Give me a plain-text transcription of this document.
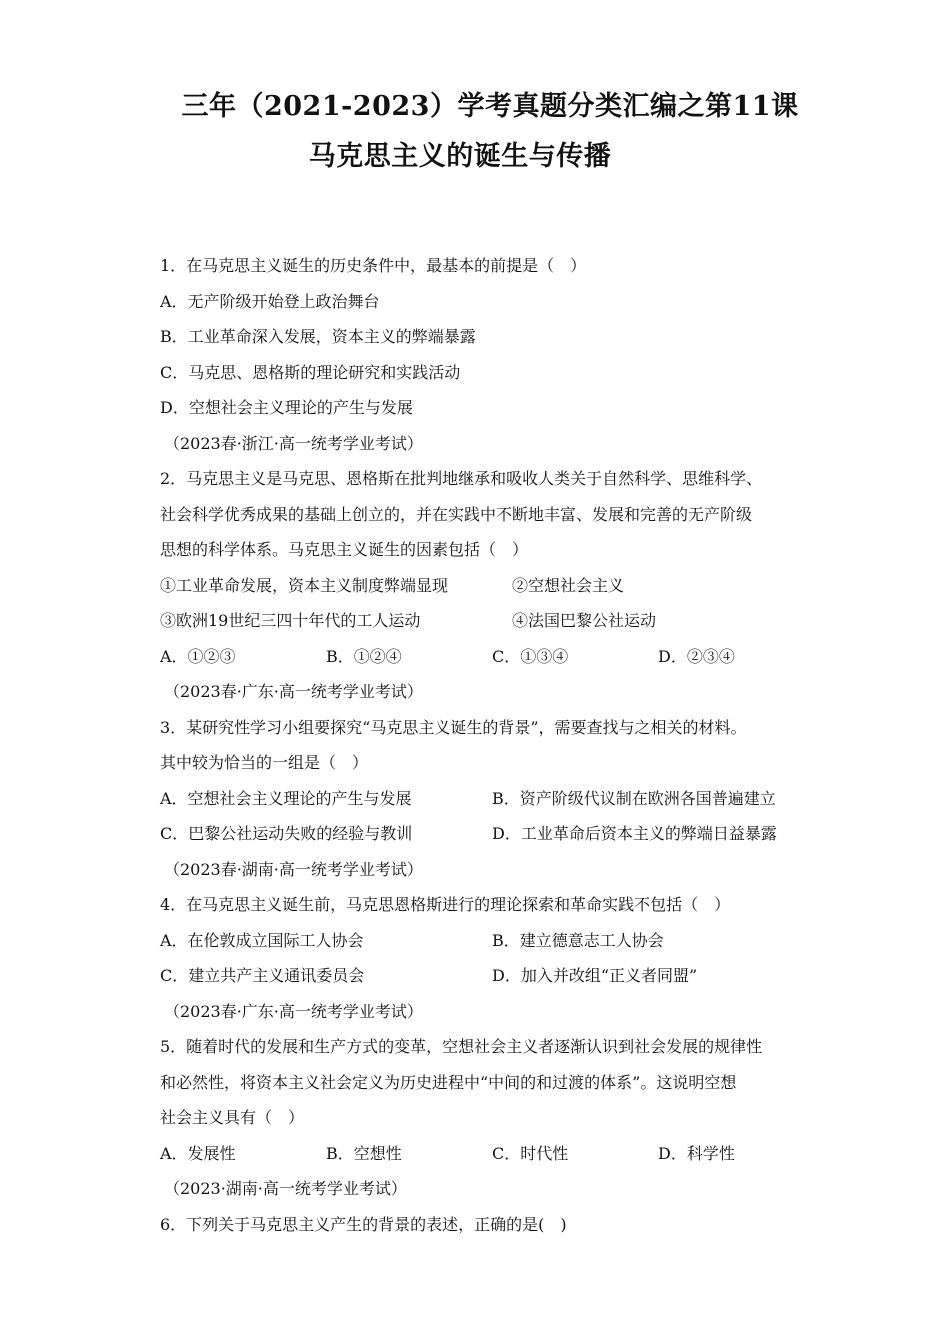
三年（2021-2023）学考真题分类汇编之第11课
马克思主义的诞生与传播
1．在马克思主义诞生的历史条件中，最基本的前提是（　）
A．无产阶级开始登上政治舞台
B．工业革命深入发展，资本主义的弊端暴露
C．马克思、恩格斯的理论研究和实践活动
D．空想社会主义理论的产生与发展
（2023春·浙江·高一统考学业考试）
2．马克思主义是马克思、恩格斯在批判地继承和吸收人类关于自然科学、思维科学、
社会科学优秀成果的基础上创立的，并在实践中不断地丰富、发展和完善的无产阶级
思想的科学体系。马克思主义诞生的因素包括（　）
①工业革命发展，资本主义制度弊端显现	②空想社会主义
③欧洲19世纪三四十年代的工人运动	④法国巴黎公社运动
A．①②③	B．①②④	C．①③④	D．②③④
（2023春·广东·高一统考学业考试）
3．某研究性学习小组要探究“马克思主义诞生的背景”，需要查找与之相关的材料。
其中较为恰当的一组是（　）
A．空想社会主义理论的产生与发展	B．资产阶级代议制在欧洲各国普遍建立
C．巴黎公社运动失败的经验与教训	D．工业革命后资本主义的弊端日益暴露
（2023春·湖南·高一统考学业考试）
4．在马克思主义诞生前，马克思恩格斯进行的理论探索和革命实践不包括（　）
A．在伦敦成立国际工人协会	B．建立德意志工人协会
C．建立共产主义通讯委员会	D．加入并改组“正义者同盟”
（2023春·广东·高一统考学业考试）
5．随着时代的发展和生产方式的变革，空想社会主义者逐渐认识到社会发展的规律性
和必然性，将资本主义社会定义为历史进程中“中间的和过渡的体系”。这说明空想
社会主义具有（　）
A．发展性	B．空想性	C．时代性	D．科学性
（2023·湖南·高一统考学业考试）
6．下列关于马克思主义产生的背景的表述，正确的是(　)
